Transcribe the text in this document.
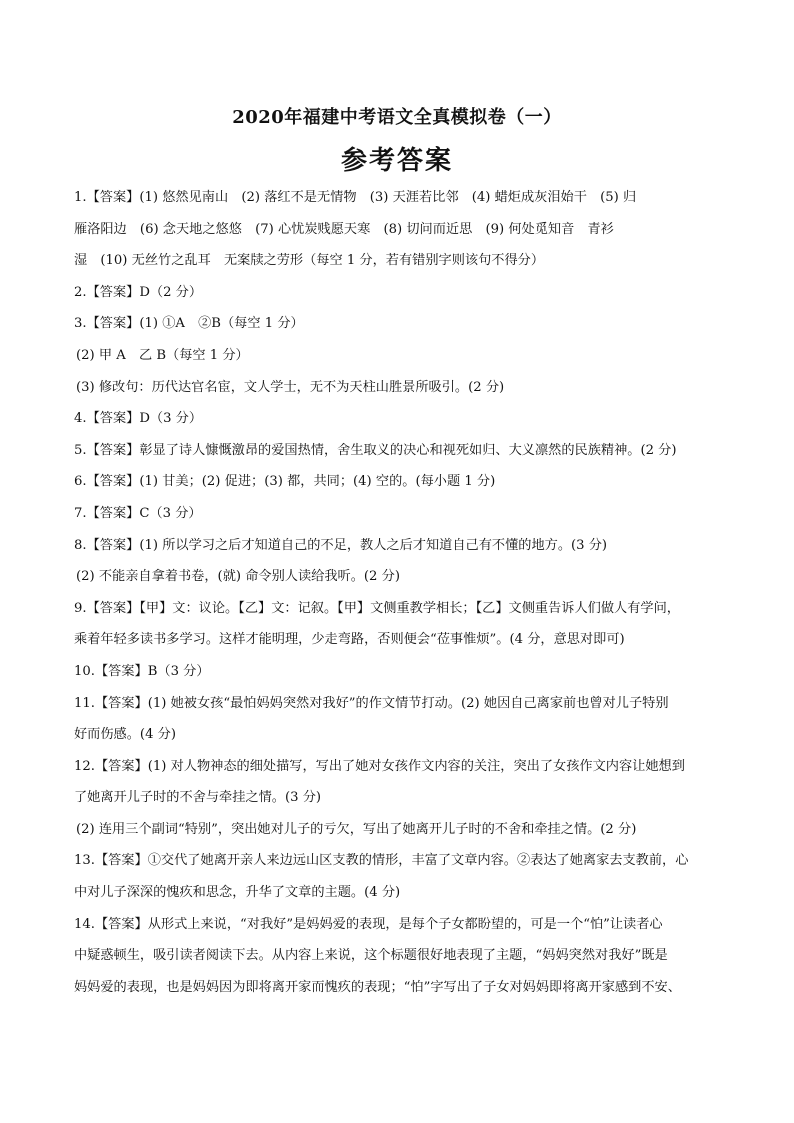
2020年福建中考语文全真模拟卷（一）
参考答案
1.【答案】(1) 悠然见南山　(2) 落红不是无情物　(3) 天涯若比邻　(4) 蜡炬成灰泪始干　(5) 归
雁洛阳边　(6) 念天地之悠悠　(7) 心忧炭贱愿天寒　(8) 切问而近思　(9) 何处觅知音　青衫
湿　(10) 无丝竹之乱耳　无案牍之劳形（每空 1 分，若有错别字则该句不得分）
2.【答案】D（2 分）
3.【答案】(1) ①A　②B（每空 1 分）
(2) 甲 A　乙 B（每空 1 分）
(3) 修改句：历代达官名宦，文人学士，无不为天柱山胜景所吸引。(2 分)
4.【答案】D（3 分）
5.【答案】彰显了诗人慷慨激昂的爱国热情，舍生取义的决心和视死如归、大义凛然的民族精神。(2 分)
6.【答案】(1) 甘美；(2) 促进；(3) 都，共同；(4) 空的。(每小题 1 分)
7.【答案】C（3 分）
8.【答案】(1) 所以学习之后才知道自己的不足，教人之后才知道自己有不懂的地方。(3 分)
(2) 不能亲自拿着书卷，(就) 命令别人读给我听。(2 分)
9.【答案】【甲】文：议论。【乙】文：记叙。【甲】文侧重教学相长；【乙】文侧重告诉人们做人有学问，
乘着年轻多读书多学习。这样才能明理，少走弯路，否则便会“莅事惟烦”。(4 分，意思对即可)
10.【答案】B（3 分）
11.【答案】(1) 她被女孩“最怕妈妈突然对我好”的作文情节打动。(2) 她因自己离家前也曾对儿子特别
好而伤感。(4 分)
12.【答案】(1) 对人物神态的细处描写，写出了她对女孩作文内容的关注，突出了女孩作文内容让她想到
了她离开儿子时的不舍与牵挂之情。(3 分)
(2) 连用三个副词“特别”，突出她对儿子的亏欠，写出了她离开儿子时的不舍和牵挂之情。(2 分)
13.【答案】①交代了她离开亲人来边远山区支教的情形，丰富了文章内容。②表达了她离家去支教前，心
中对儿子深深的愧疚和思念，升华了文章的主题。(4 分)
14.【答案】从形式上来说，“对我好”是妈妈爱的表现，是每个子女都盼望的，可是一个“怕”让读者心
中疑惑顿生，吸引读者阅读下去。从内容上来说，这个标题很好地表现了主题，“妈妈突然对我好”既是
妈妈爱的表现，也是妈妈因为即将离开家而愧疚的表现；“怕”字写出了子女对妈妈即将离开家感到不安、
